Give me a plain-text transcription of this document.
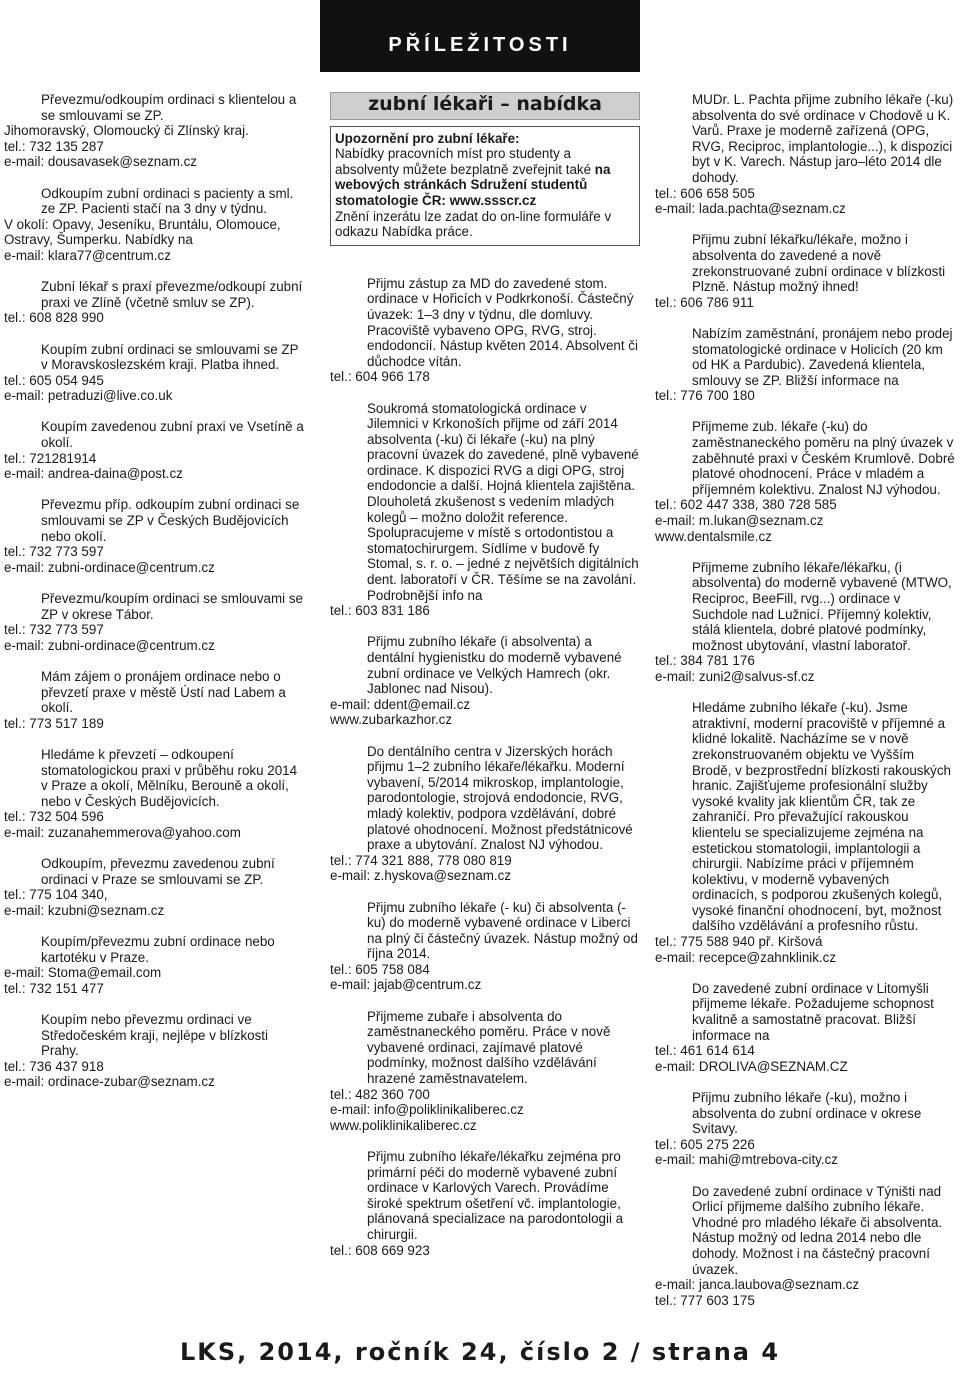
PŘÍLEŽITOSTI

Převezmu/odkoupím ordinaci s klientelou a se smlouvami se ZP.

Jihomoravský, Olomoucký či Zlínský kraj.

tel.: 732 135 287

e-mail: dousavasek@seznam.cz

Odkoupím zubní ordinaci s pacienty a sml. ze ZP. Pacienti stačí na 3 dny v týdnu.

V okolí: Opavy, Jeseníku, Bruntálu, Olomouce, Ostravy, Šumperku. Nabídky na

e-mail: klara77@centrum.cz

Zubní lékař s praxí převezme/odkoupí zubní praxi ve Zlíně (včetně smluv se ZP).

tel.: 608 828 990

Koupím zubní ordinaci se smlouvami se ZP v Moravskoslezském kraji. Platba ihned.

tel.: 605 054 945

e-mail: petraduzi@live.co.uk

Koupím zavedenou zubní praxi ve Vsetíně a okolí.

tel.: 721281914

e-mail: andrea-daina@post.cz

Převezmu příp. odkoupím zubní ordinaci se smlouvami se ZP v Českých Budějovicích nebo okolí.

tel.: 732 773 597

e-mail: zubni-ordinace@centrum.cz

Převezmu/koupím ordinaci se smlouvami se ZP v okrese Tábor.

tel.: 732 773 597

e-mail: zubni-ordinace@centrum.cz

Mám zájem o pronájem ordinace nebo o převzetí praxe v městě Ústí nad Labem a okolí.

tel.: 773 517 189

Hledáme k převzetí – odkoupení stomatologickou praxi v průběhu roku 2014 v Praze a okolí, Mělníku, Berouně a okolí, nebo v Českých Budějovicích.

tel.: 732 504 596

e-mail: zuzanahemmerova@yahoo.com

Odkoupím, převezmu zavedenou zubní ordinaci v Praze se smlouvami se ZP.

tel.: 775 104 340,

e-mail: kzubni@seznam.cz

Koupím/převezmu zubní ordinace nebo kartotéku v Praze.

e-mail: Stoma@email.com

tel.: 732 151 477

Koupím nebo převezmu ordinaci ve Středočeském kraji, nejlépe v blízkosti Prahy.

tel.: 736 437 918

e-mail: ordinace-zubar@seznam.cz

zubní lékaři – nabídka

Upozornění pro zubní lékaře:

Nabídky pracovních míst pro studenty a absolventy můžete bezplatně zveřejnit také na webových stránkách Sdružení studentů stomatologie ČR: www.ssscr.cz

Znění inzerátu lze zadat do on-line formuláře v odkazu Nabídka práce.

Přijmu zástup za MD do zavedené stom. ordinace v Hořicích v Podkrkonoší. Částečný úvazek: 1–3 dny v týdnu, dle domluvy. Pracoviště vybaveno OPG, RVG, stroj. endodoncií. Nástup květen 2014. Absolvent či důchodce vítán.

tel.: 604 966 178

Soukromá stomatologická ordinace v Jilemnici v Krkonoších přijme od září 2014 absolventa (-ku) či lékaře (-ku) na plný pracovní úvazek do zavedené, plně vybavené ordinace. K dispozici RVG a digi OPG, stroj endodoncie a další. Hojná klientela zajištěna. Dlouholetá zkušenost s vedením mladých kolegů – možno doložit reference. Spolupracujeme v místě s ortodontistou a stomatochirurgem. Sídlíme v budově fy Stomal, s. r. o. – jedné z největších digitálních dent. laboratoří v ČR. Těšíme se na zavolání. Podrobnější info na

tel.: 603 831 186

Přijmu zubního lékaře (i absolventa) a dentální hygienistku do moderně vybavené zubní ordinace ve Velkých Hamrech (okr. Jablonec nad Nisou).

e-mail: ddent@email.cz

www.zubarkazhor.cz

Do dentálního centra v Jizerských horách přijmu 1–2 zubního lékaře/lékařku. Moderní vybavení, 5/2014 mikroskop, implantologie, parodontologie, strojová endodoncie, RVG, mladý kolektiv, podpora vzdělávání, dobré platové ohodnocení. Možnost předstátnicové praxe a ubytování. Znalost NJ výhodou.

tel.: 774 321 888, 778 080 819

e-mail: z.hyskova@seznam.cz

Přijmu zubního lékaře (- ku) či absolventa (-ku) do moderně vybavené ordinace v Liberci na plný či částečný úvazek. Nástup možný od října 2014.

tel.: 605 758 084

e-mail: jajab@centrum.cz

Přijmeme zubaře i absolventa do zaměstnaneckého poměru. Práce v nově vybavené ordinaci, zajímavé platové podmínky, možnost dalšího vzdělávání hrazené zaměstnavatelem.

tel.: 482 360 700

e-mail: info@poliklinikaliberec.cz

www.poliklinikaliberec.cz

Přijmu zubního lékaře/lékařku zejména pro primární péči do moderně vybavené zubní ordinace v Karlových Varech. Provádíme široké spektrum ošetření vč. implantologie, plánovaná specializace na parodontologii a chirurgii.

tel.: 608 669 923

MUDr. L. Pachta přijme zubního lékaře (-ku) absolventa do své ordinace v Chodově u K. Varů. Praxe je moderně zařízená (OPG, RVG, Reciproc, implantologie...), k dispozici byt v K. Varech. Nástup jaro–léto 2014 dle dohody.

tel.: 606 658 505

e-mail: lada.pachta@seznam.cz

Přijmu zubní lékařku/lékaře, možno i absolventa do zavedené a nově zrekonstruované zubní ordinace v blízkosti Plzně. Nástup možný ihned!

tel.: 606 786 911

Nabízím zaměstnání, pronájem nebo prodej stomatologické ordinace v Holicích (20 km od HK a Pardubic). Zavedená klientela, smlouvy se ZP. Bližší informace na

tel.: 776 700 180

Přijmeme zub. lékaře (-ku) do zaměstnaneckého poměru na plný úvazek v zaběhnuté praxi v Českém Krumlově. Dobré platové ohodnocení. Práce v mladém a příjemném kolektivu. Znalost NJ výhodou.

tel.: 602 447 338, 380 728 585

e-mail: m.lukan@seznam.cz

www.dentalsmile.cz

Přijmeme zubního lékaře/lékařku, (i absolventa) do moderně vybavené (MTWO, Reciproc, BeeFill, rvg...) ordinace v Suchdole nad Lužnicí. Příjemný kolektiv, stálá klientela, dobré platové podmínky, možnost ubytování, vlastní laboratoř.

tel.: 384 781 176

e-mail: zuni2@salvus-sf.cz

Hledáme zubního lékaře (-ku). Jsme atraktivní, moderní pracoviště v příjemné a klidné lokalitě. Nacházíme se v nově zrekonstruovaném objektu ve Vyšším Brodě, v bezprostřední blízkosti rakouských hranic. Zajišťujeme profesionální služby vysoké kvality jak klientům ČR, tak ze zahraničí. Pro převažující rakouskou klientelu se specializujeme zejména na estetickou stomatologii, implantologii a chirurgii. Nabízíme práci v příjemném kolektivu, v moderně vybavených ordinacích, s podporou zkušených kolegů, vysoké finanční ohodnocení, byt, možnost dalšího vzdělávání a profesního růstu.

tel.: 775 588 940 př. Kiršová

e-mail: recepce@zahnklinik.cz

Do zavedené zubní ordinace v Litomyšli přijmeme lékaře. Požadujeme schopnost kvalitně a samostatně pracovat. Bližší informace na

tel.: 461 614 614

e-mail: DROLIVA@SEZNAM.CZ

Přijmu zubního lékaře (-ku), možno i absolventa do zubní ordinace v okrese Svitavy.

tel.: 605 275 226

e-mail: mahi@mtrebova-city.cz

Do zavedené zubní ordinace v Týništi nad Orlicí přijmeme dalšího zubního lékaře. Vhodné pro mladého lékaře či absolventa. Nástup možný od ledna 2014 nebo dle dohody. Možnost i na částečný pracovní úvazek.

e-mail: janca.laubova@seznam.cz

tel.: 777 603 175

LKS, 2014, ročník 24, číslo 2 / strana 4
